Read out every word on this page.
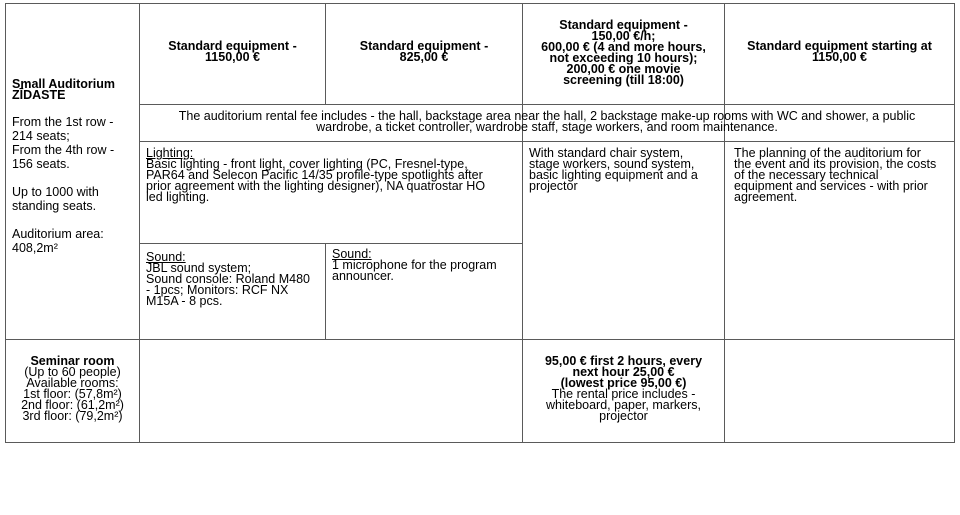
Small Auditorium
ZĪDASTE
From the 1st row -
214 seats;
From the 4th row -
156 seats.
Up to 1000 with
standing seats.
Auditorium area:
408,2m²
Standard equipment -
1150,00 €
Standard equipment -
825,00 €
Standard equipment -
150,00 €/h;
600,00 € (4 and more hours,
not exceeding 10 hours);
200,00 € one movie
screening (till 18:00)
Standard equipment starting at
1150,00 €
The auditorium rental fee includes - the hall, backstage area near the hall, 2 backstage make-up rooms with WC and shower, a public
wardrobe, a ticket controller, wardrobe staff, stage workers, and room maintenance.
Lighting:
Basic lighting - front light, cover lighting (PC, Fresnel-type,
PAR64 and Selecon Pacific 14/35 profile-type spotlights after
prior agreement with the lighting designer), NA quatrostar HO
led lighting.
Sound:
JBL sound system;
Sound console: Roland M480
- 1pcs; Monitors: RCF NX
M15A - 8 pcs.
Sound:
1 microphone for the program
announcer.
With standard chair system,
stage workers, sound system,
basic lighting equipment and a
projector
The planning of the auditorium for
the event and its provision, the costs
of the necessary technical
equipment and services - with prior
agreement.
Seminar room
(Up to 60 people)
Available rooms:
1st floor: (57,8m²)
2nd floor: (61,2m²)
3rd floor: (79,2m²)
95,00 € first 2 hours, every
next hour 25,00 €
(lowest price 95,00 €)
The rental price includes -
whiteboard, paper, markers,
projector
